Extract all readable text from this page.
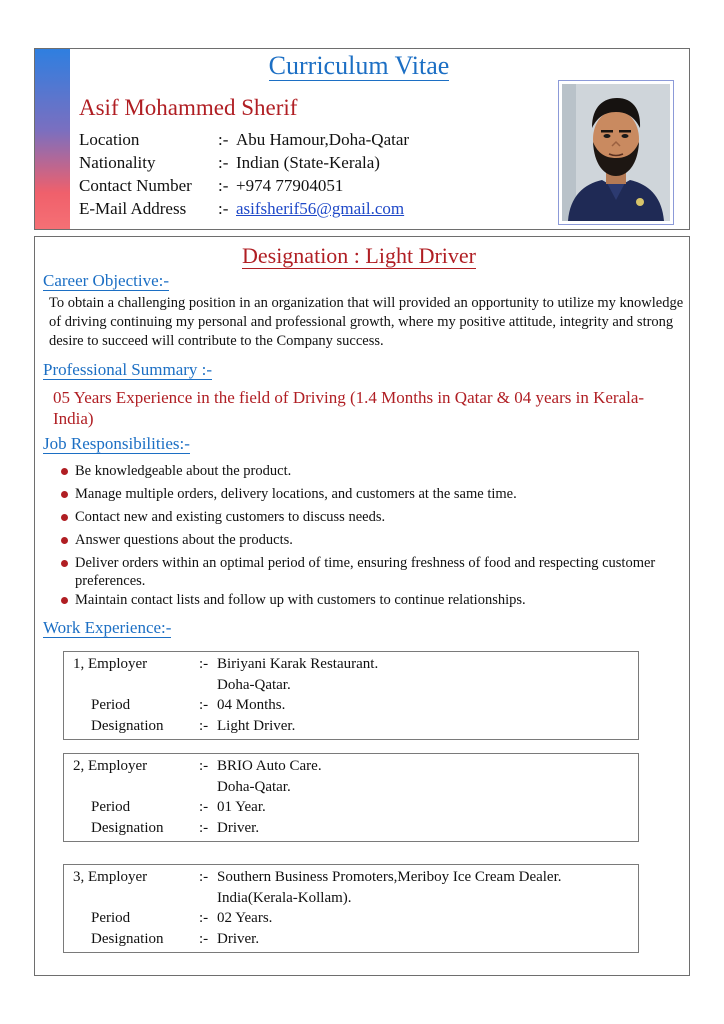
Curriculum Vitae
Asif Mohammed Sherif
Location	:- Abu Hamour,Doha-Qatar
Nationality	:- Indian (State-Kerala)
Contact Number	:- +974 77904051
E-Mail Address	:- asifsherif56@gmail.com
Designation : Light Driver
Career Objective:-
To obtain a challenging position in an organization that will provided an opportunity to utilize my knowledge of driving continuing my personal and professional growth, where my positive attitude, integrity and strong desire to succeed will contribute to the Company success.
Professional Summary :-
05 Years Experience in the field of Driving (1.4 Months in Qatar & 04 years in Kerala-India)
Job Responsibilities:-
Be knowledgeable about the product.
Manage multiple orders, delivery locations, and customers at the same time.
Contact new and existing customers to discuss needs.
Answer questions about the products.
Deliver orders within an optimal period of time, ensuring freshness of food and respecting customer preferences.
Maintain contact lists and follow up with customers to continue relationships.
Work Experience:-
1, Employer	:- Biriyani Karak Restaurant.
Doha-Qatar.
Period	:- 04 Months.
Designation	:- Light Driver.
2, Employer	:- BRIO Auto Care.
Doha-Qatar.
Period	:- 01 Year.
Designation	:- Driver.
3, Employer	:- Southern Business Promoters,Meriboy Ice Cream Dealer.
India(Kerala-Kollam).
Period	:- 02 Years.
Designation	:- Driver.
